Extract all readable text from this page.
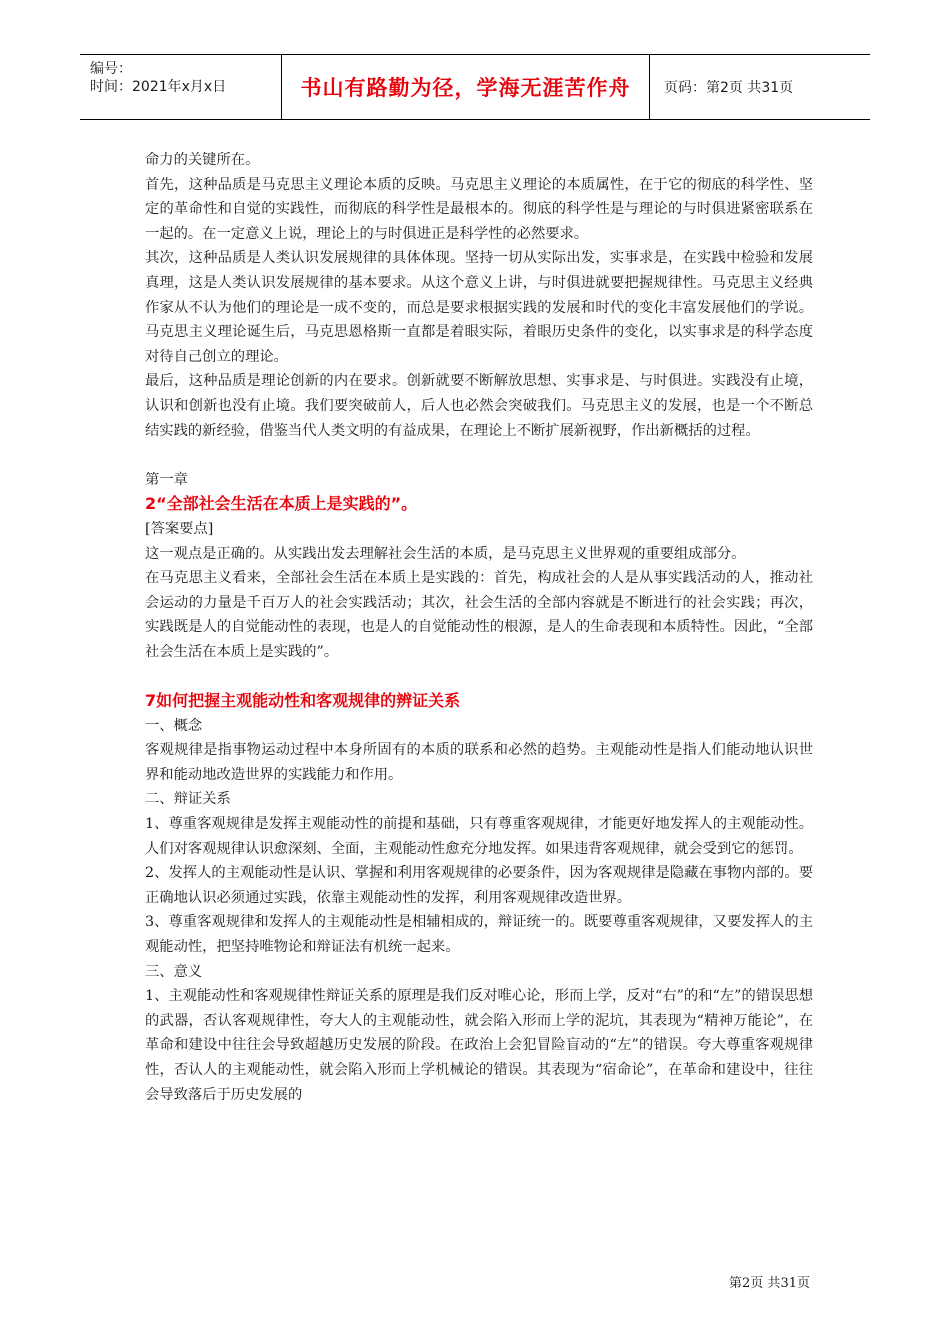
编号：
时间：2021年x月x日	书山有路勤为径，学海无涯苦作舟	页码：第2页 共31页

命力的关键所在。

首先，这种品质是马克思主义理论本质的反映。马克思主义理论的本质属性，在于它的彻底的科学性、坚定的革命性和自觉的实践性，而彻底的科学性是最根本的。彻底的科学性是与理论的与时俱进紧密联系在一起的。在一定意义上说，理论上的与时俱进正是科学性的必然要求。

其次，这种品质是人类认识发展规律的具体体现。坚持一切从实际出发，实事求是，在实践中检验和发展真理，这是人类认识发展规律的基本要求。从这个意义上讲，与时俱进就要把握规律性。马克思主义经典作家从不认为他们的理论是一成不变的，而总是要求根据实践的发展和时代的变化丰富发展他们的学说。马克思主义理论诞生后，马克思恩格斯一直都是着眼实际，着眼历史条件的变化，以实事求是的科学态度对待自己创立的理论。

最后，这种品质是理论创新的内在要求。创新就要不断解放思想、实事求是、与时俱进。实践没有止境，认识和创新也没有止境。我们要突破前人，后人也必然会突破我们。马克思主义的发展，也是一个不断总结实践的新经验，借鉴当代人类文明的有益成果，在理论上不断扩展新视野，作出新概括的过程。

第一章

2“全部社会生活在本质上是实践的”。

[答案要点]

这一观点是正确的。从实践出发去理解社会生活的本质，是马克思主义世界观的重要组成部分。

在马克思主义看来，全部社会生活在本质上是实践的：首先，构成社会的人是从事实践活动的人，推动社会运动的力量是千百万人的社会实践活动；其次，社会生活的全部内容就是不断进行的社会实践；再次，实践既是人的自觉能动性的表现，也是人的自觉能动性的根源，是人的生命表现和本质特性。因此，“全部社会生活在本质上是实践的”。

7如何把握主观能动性和客观规律的辨证关系

一、概念

客观规律是指事物运动过程中本身所固有的本质的联系和必然的趋势。主观能动性是指人们能动地认识世界和能动地改造世界的实践能力和作用。

二、辩证关系

1、尊重客观规律是发挥主观能动性的前提和基础，只有尊重客观规律，才能更好地发挥人的主观能动性。人们对客观规律认识愈深刻、全面，主观能动性愈充分地发挥。如果违背客观规律，就会受到它的惩罚。

2、发挥人的主观能动性是认识、掌握和利用客观规律的必要条件，因为客观规律是隐藏在事物内部的。要正确地认识必须通过实践，依靠主观能动性的发挥，利用客观规律改造世界。

3、尊重客观规律和发挥人的主观能动性是相辅相成的，辩证统一的。既要尊重客观规律，又要发挥人的主观能动性，把坚持唯物论和辩证法有机统一起来。

三、意义

1、主观能动性和客观规律性辩证关系的原理是我们反对唯心论，形而上学，反对“右”的和“左”的错误思想的武器，否认客观规律性，夸大人的主观能动性，就会陷入形而上学的泥坑，其表现为“精神万能论”，在革命和建设中往往会导致超越历史发展的阶段。在政治上会犯冒险盲动的“左”的错误。夸大尊重客观规律性，否认人的主观能动性，就会陷入形而上学机械论的错误。其表现为“宿命论”，在革命和建设中，往往会导致落后于历史发展的

第2页 共31页
